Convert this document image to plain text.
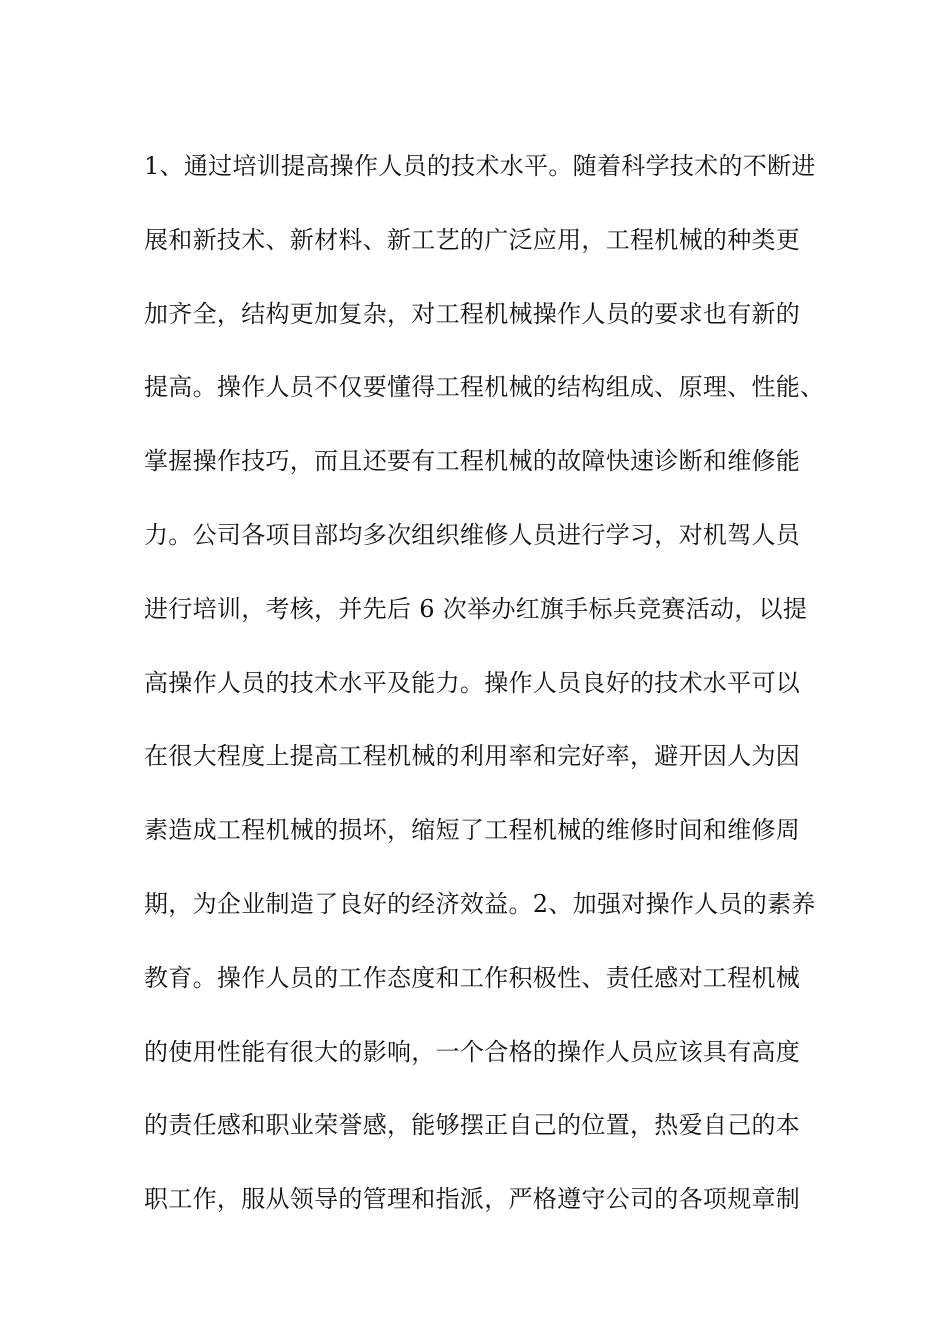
1、通过培训提高操作人员的技术水平。随着科学技术的不断进
展和新技术、新材料、新工艺的广泛应用，工程机械的种类更
加齐全，结构更加复杂，对工程机械操作人员的要求也有新的
提高。操作人员不仅要懂得工程机械的结构组成、原理、性能、
掌握操作技巧，而且还要有工程机械的故障快速诊断和维修能
力。公司各项目部均多次组织维修人员进行学习，对机驾人员
进行培训，考核，并先后 6 次举办红旗手标兵竞赛活动，以提
高操作人员的技术水平及能力。操作人员良好的技术水平可以
在很大程度上提高工程机械的利用率和完好率，避开因人为因
素造成工程机械的损坏，缩短了工程机械的维修时间和维修周
期，为企业制造了良好的经济效益。2、加强对操作人员的素养
教育。操作人员的工作态度和工作积极性、责任感对工程机械
的使用性能有很大的影响，一个合格的操作人员应该具有高度
的责任感和职业荣誉感，能够摆正自己的位置，热爱自己的本
职工作，服从领导的管理和指派，严格遵守公司的各项规章制
